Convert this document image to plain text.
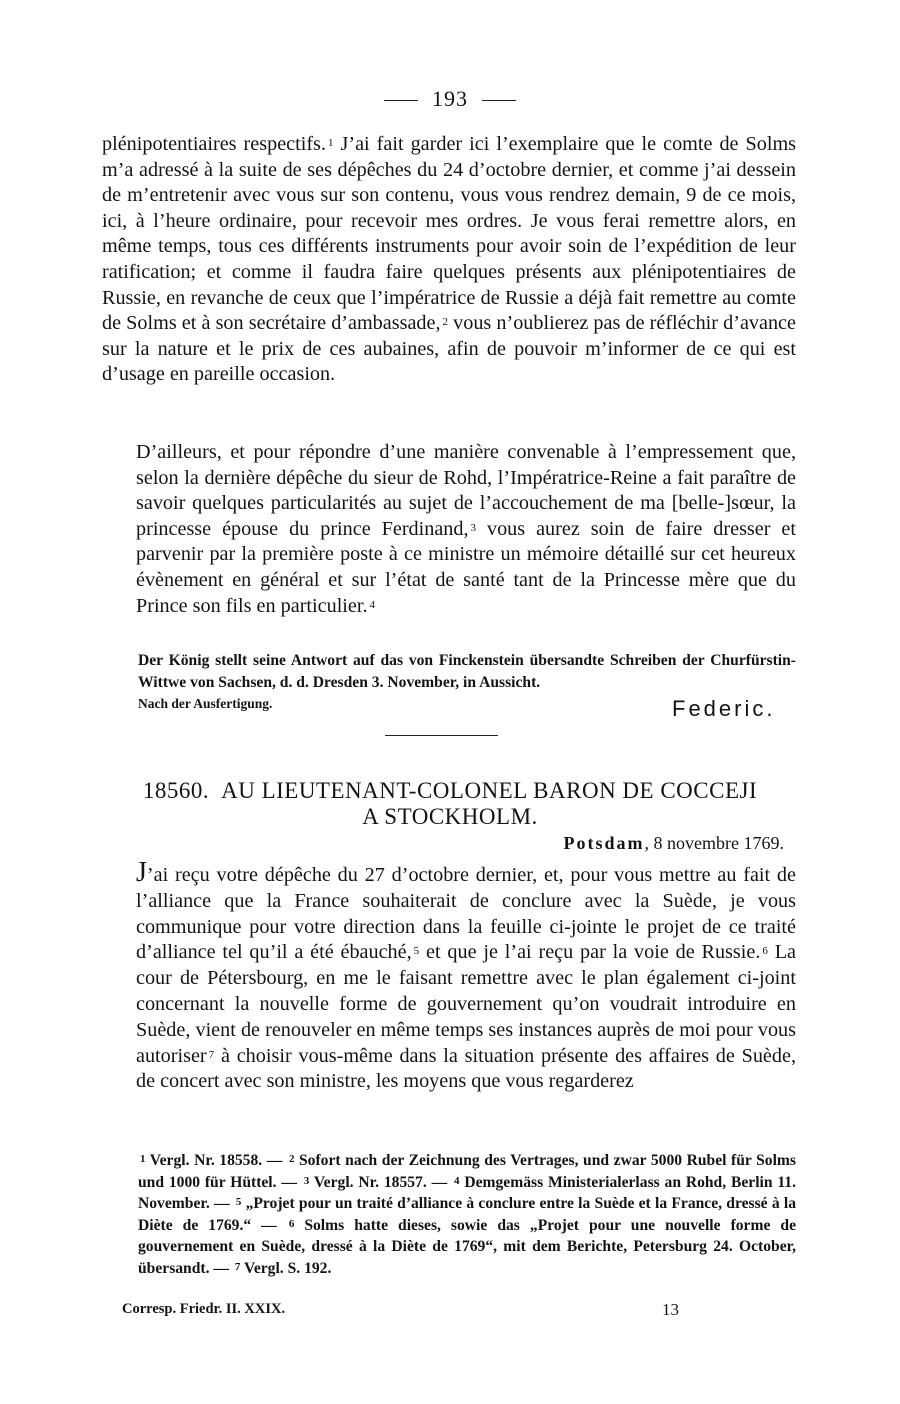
193
plénipotentiaires respectifs. $^1$ J’ai fait garder ici l’exemplaire que le comte de Solms m’a adressé à la suite de ses dépêches du 24 d’octobre dernier, et comme j’ai dessein de m’entretenir avec vous sur son contenu, vous vous rendrez demain, 9 de ce mois, ici, à l’heure ordinaire, pour recevoir mes ordres. Je vous ferai remettre alors, en même temps, tous ces différents instruments pour avoir soin de l’expédition de leur ratification; et comme il faudra faire quelques présents aux plénipotentiaires de Russie, en revanche de ceux que l’impératrice de Russie a déjà fait remettre au comte de Solms et à son secrétaire d’ambassade, $^2$ vous n’oublierez pas de réfléchir d’avance sur la nature et le prix de ces aubaines, afin de pouvoir m’informer de ce qui est d’usage en pareille occasion.
D’ailleurs, et pour répondre d’une manière convenable à l’empressement que, selon la dernière dépêche du sieur de Rohd, l’Impératrice-Reine a fait paraître de savoir quelques particularités au sujet de l’accouchement de ma [belle-]sœur, la princesse épouse du prince Ferdinand, $^3$ vous aurez soin de faire dresser et parvenir par la première poste à ce ministre un mémoire détaillé sur cet heureux évènement en général et sur l’état de santé tant de la Princesse mère que du Prince son fils en particulier. $^4$
Der König stellt seine Antwort auf das von Finckenstein übersandte Schreiben der Churfürstin-Wittwe von Sachsen, d. d. Dresden 3. November, in Aussicht.
Nach der Ausfertigung.	Federic.
18560. AU LIEUTENANT-COLONEL BARON DE COCCEJI
A STOCKHOLM.
Potsdam, 8 novembre 1769.
J’ai reçu votre dépêche du 27 d’octobre dernier, et, pour vous mettre au fait de l’alliance que la France souhaiterait de conclure avec la Suède, je vous communique pour votre direction dans la feuille ci-jointe le projet de ce traité d’alliance tel qu’il a été ébauché, $^5$ et que je l’ai reçu par la voie de Russie. $^6$ La cour de Pétersbourg, en me le faisant remettre avec le plan également ci-joint concernant la nouvelle forme de gouvernement qu’on voudrait introduire en Suède, vient de renouveler en même temps ses instances auprès de moi pour vous autoriser $^7$ à choisir vous-même dans la situation présente des affaires de Suède, de concert avec son ministre, les moyens que vous regarderez
$^1$ Vergl. Nr. 18558. — $^2$ Sofort nach der Zeichnung des Vertrages, und zwar 5000 Rubel für Solms und 1000 für Hüttel. — $^3$ Vergl. Nr. 18557. — $^4$ Demgemäss Ministerialerlass an Rohd, Berlin 11. November. — $^5$ „Projet pour un traité d’alliance à conclure entre la Suède et la France, dressé à la Diète de 1769.“ — $^6$ Solms hatte dieses, sowie das „Projet pour une nouvelle forme de gouvernement en Suède, dressé à la Diète de 1769“, mit dem Berichte, Petersburg 24. October, übersandt. — $^7$ Vergl. S. 192.
Corresp. Friedr. II. XXIX.	13
